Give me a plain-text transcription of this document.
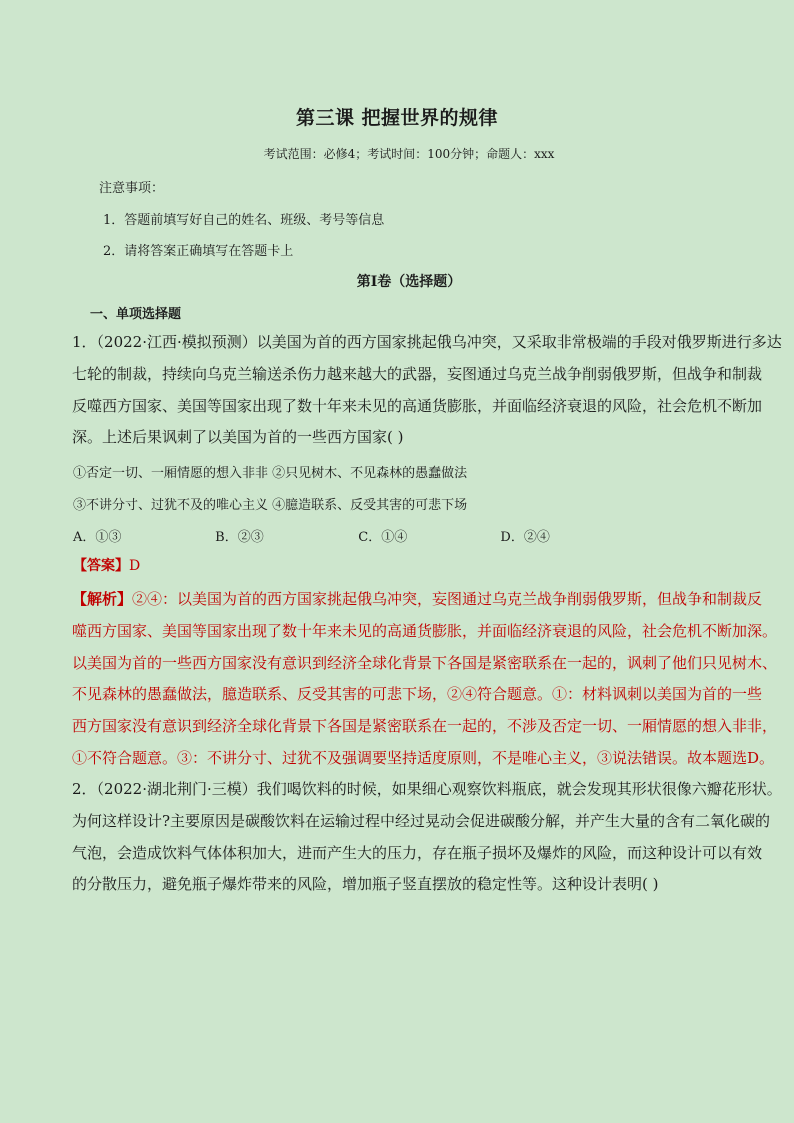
第三课 把握世界的规律
考试范围：必修4；考试时间：100分钟；命题人：xxx
注意事项：
1．答题前填写好自己的姓名、班级、考号等信息
2．请将答案正确填写在答题卡上
第I卷（选择题）
一、单项选择题
1．（2022·江西·模拟预测）以美国为首的西方国家挑起俄乌冲突，又采取非常极端的手段对俄罗斯进行多达
七轮的制裁，持续向乌克兰输送杀伤力越来越大的武器，妄图通过乌克兰战争削弱俄罗斯，但战争和制裁
反噬西方国家、美国等国家出现了数十年来未见的高通货膨胀，并面临经济衰退的风险，社会危机不断加
深。上述后果讽刺了以美国为首的一些西方国家( )
①否定一切、一厢情愿的想入非非 ②只见树木、不见森林的愚蠢做法
③不讲分寸、过犹不及的唯心主义 ④臆造联系、反受其害的可悲下场
A．①③	B．②③	C．①④	D．②④
【答案】D
【解析】②④：以美国为首的西方国家挑起俄乌冲突，妄图通过乌克兰战争削弱俄罗斯，但战争和制裁反
噬西方国家、美国等国家出现了数十年来未见的高通货膨胀，并面临经济衰退的风险，社会危机不断加深。
以美国为首的一些西方国家没有意识到经济全球化背景下各国是紧密联系在一起的，讽刺了他们只见树木、
不见森林的愚蠢做法，臆造联系、反受其害的可悲下场，②④符合题意。①：材料讽刺以美国为首的一些
西方国家没有意识到经济全球化背景下各国是紧密联系在一起的，不涉及否定一切、一厢情愿的想入非非，
①不符合题意。③：不讲分寸、过犹不及强调要坚持适度原则，不是唯心主义，③说法错误。故本题选D。
2．（2022·湖北荆门·三模）我们喝饮料的时候，如果细心观察饮料瓶底，就会发现其形状很像六瓣花形状。
为何这样设计?主要原因是碳酸饮料在运输过程中经过晃动会促进碳酸分解，并产生大量的含有二氧化碳的
气泡，会造成饮料气体体积加大，进而产生大的压力，存在瓶子损坏及爆炸的风险，而这种设计可以有效
的分散压力，避免瓶子爆炸带来的风险，增加瓶子竖直摆放的稳定性等。这种设计表明( )
